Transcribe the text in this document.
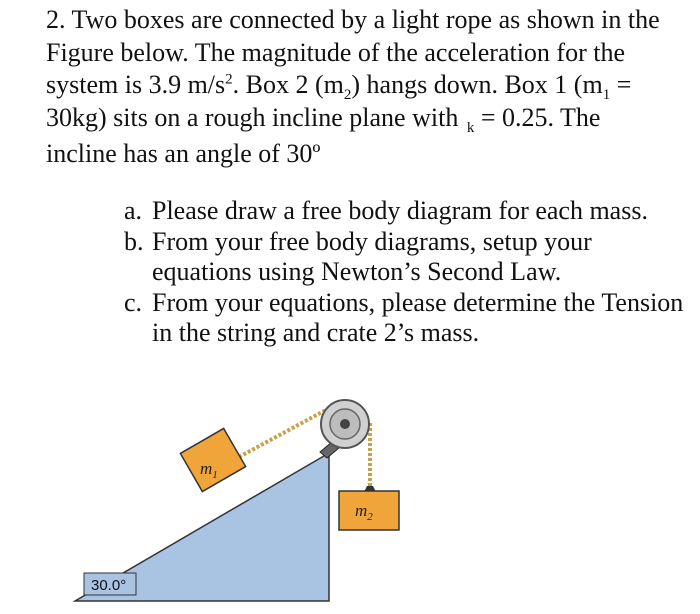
2. Two boxes are connected by a light rope as shown in the

Figure below. The magnitude of the acceleration for the

system is 3.9 $m/s^2$. Box 2 $(m_2)$ hangs down. Box 1 ($m_1$ =

30kg) sits on a rough incline plane with $_k$ = 0.25. The

incline has an angle of 30º

a. Please draw a free body diagram for each mass.
b. From your free body diagrams, setup your equations using Newton’s Second Law.
c. From your equations, please determine the Tension in the string and crate 2’s mass.
$m_1$
$m_2$
30.0°
